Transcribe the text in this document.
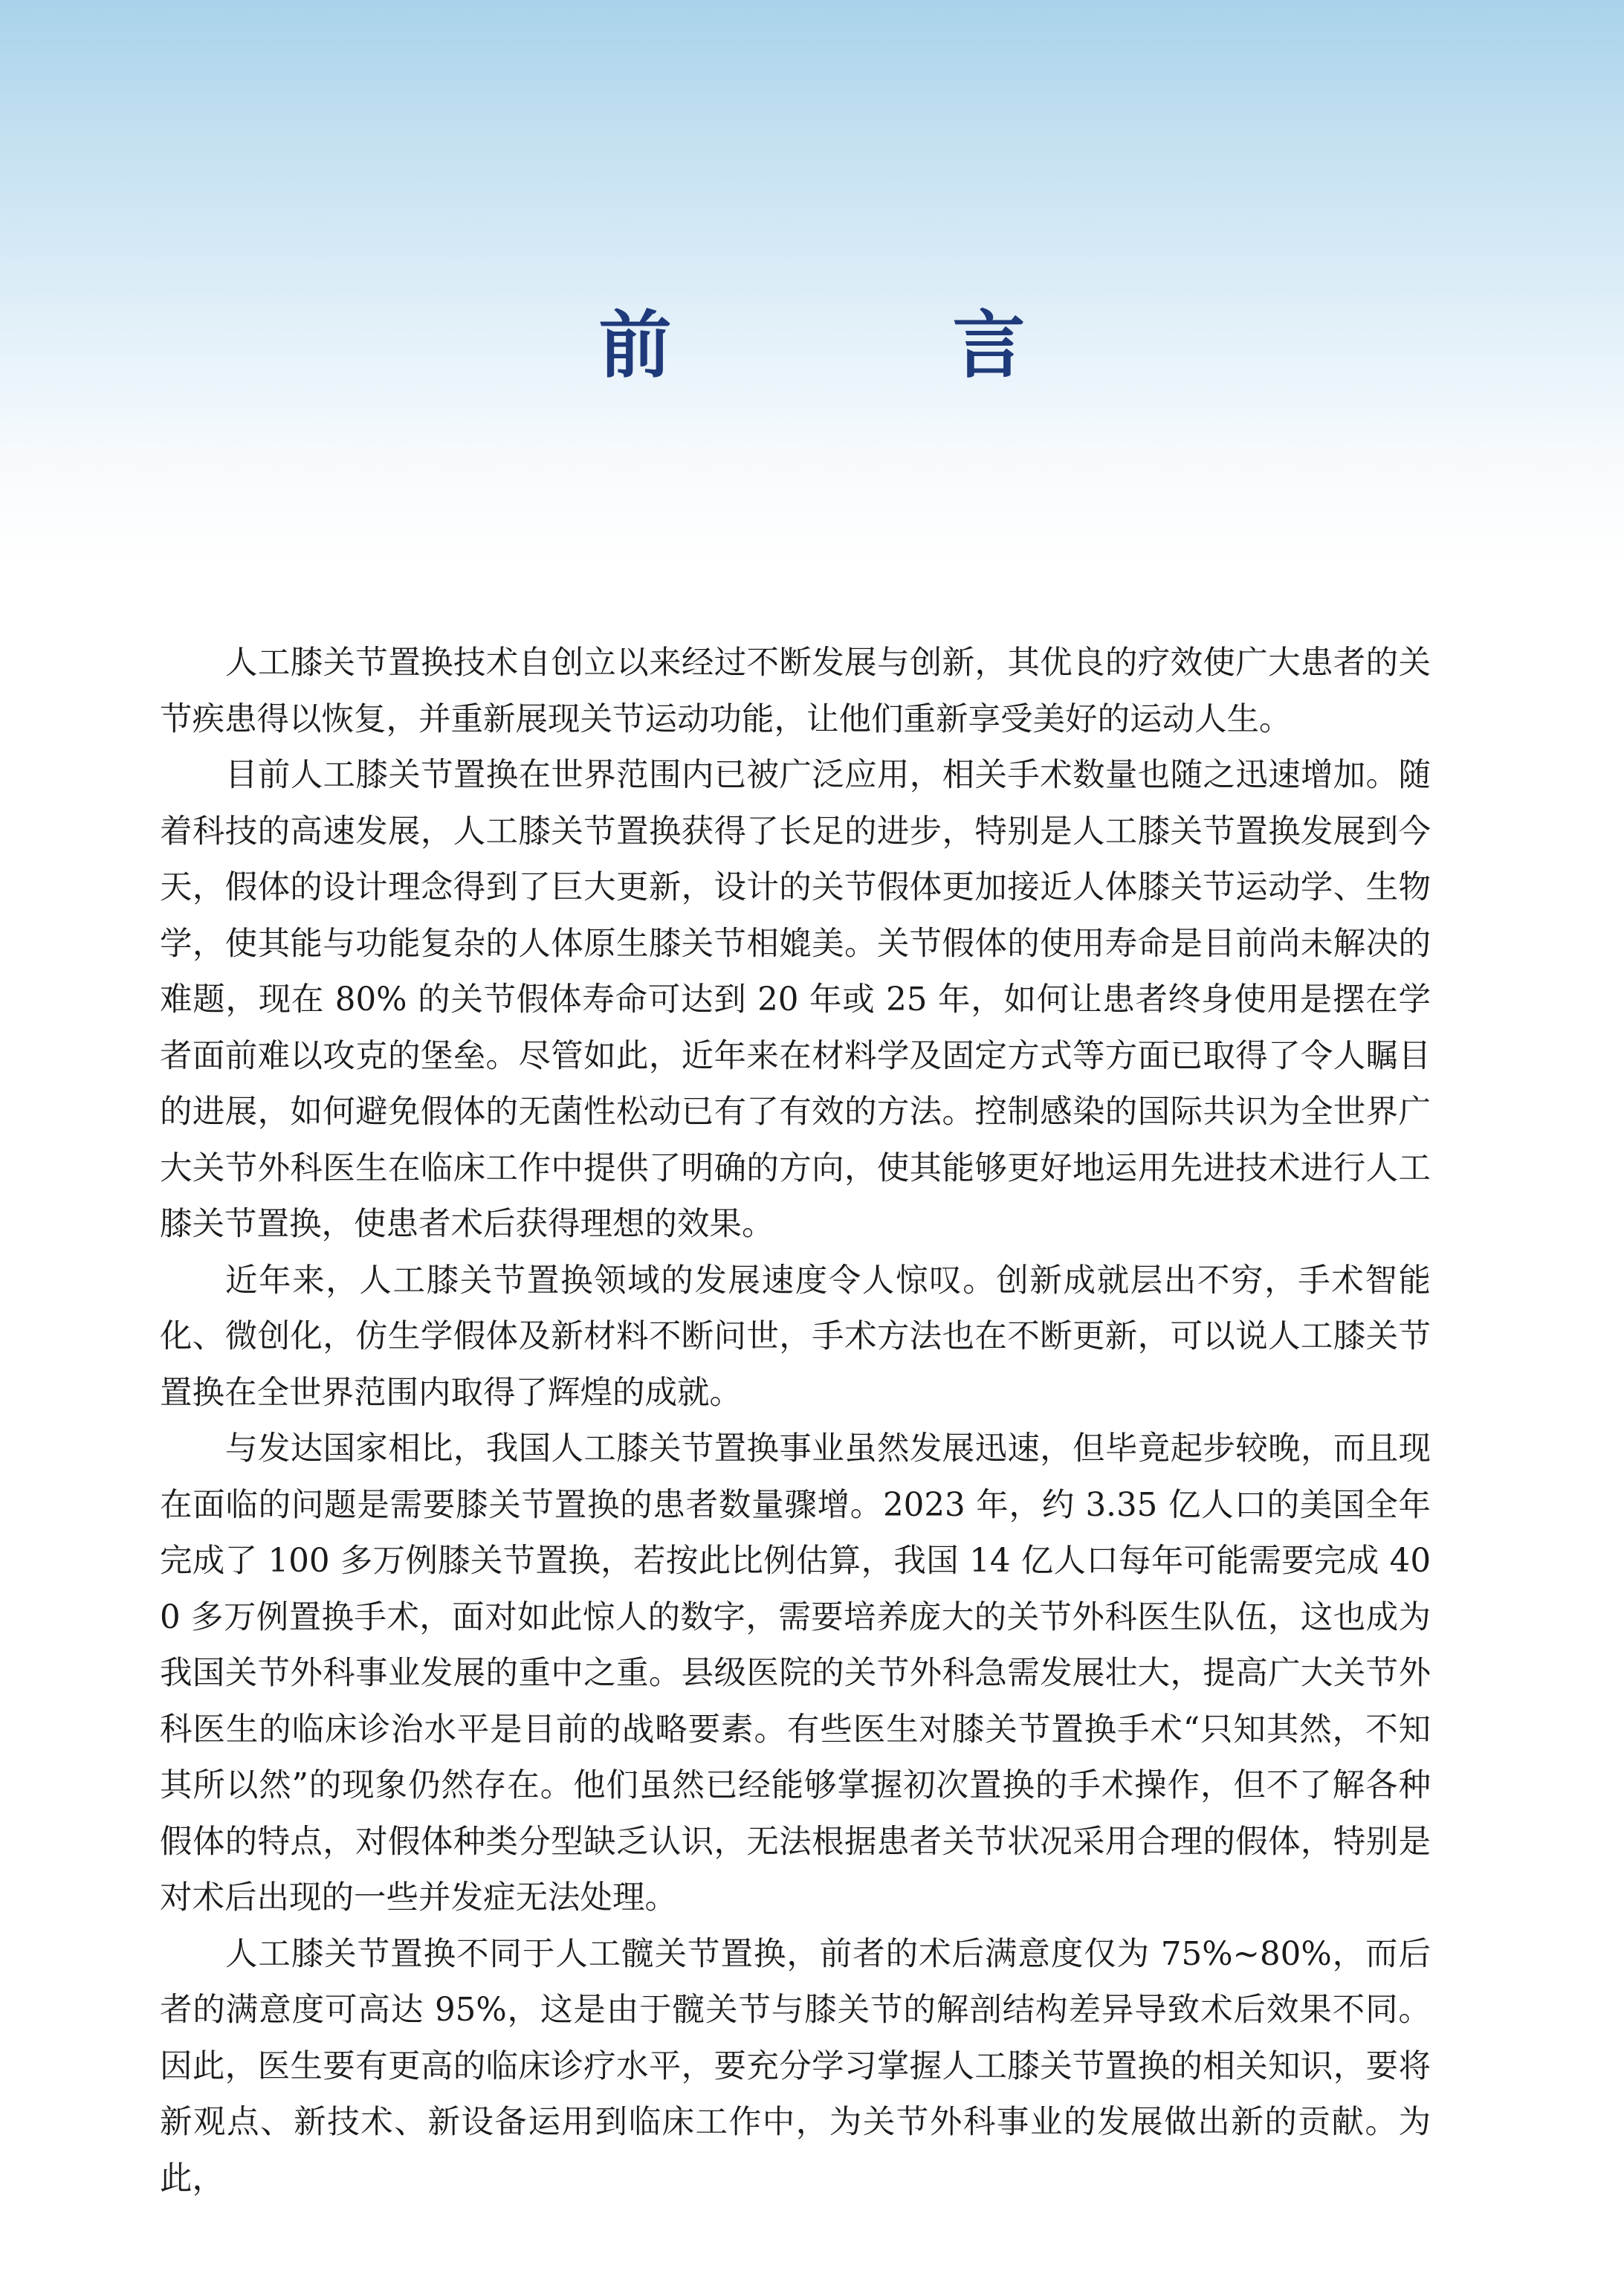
前　言

人工膝关节置换技术自创立以来经过不断发展与创新，其优良的疗效使广大患者的关节疾患得以恢复，并重新展现关节运动功能，让他们重新享受美好的运动人生。

目前人工膝关节置换在世界范围内已被广泛应用，相关手术数量也随之迅速增加。随着科技的高速发展，人工膝关节置换获得了长足的进步，特别是人工膝关节置换发展到今天，假体的设计理念得到了巨大更新，设计的关节假体更加接近人体膝关节运动学、生物学，使其能与功能复杂的人体原生膝关节相媲美。关节假体的使用寿命是目前尚未解决的难题，现在 80% 的关节假体寿命可达到 20 年或 25 年，如何让患者终身使用是摆在学者面前难以攻克的堡垒。尽管如此，近年来在材料学及固定方式等方面已取得了令人瞩目的进展，如何避免假体的无菌性松动已有了有效的方法。控制感染的国际共识为全世界广大关节外科医生在临床工作中提供了明确的方向，使其能够更好地运用先进技术进行人工膝关节置换，使患者术后获得理想的效果。

近年来，人工膝关节置换领域的发展速度令人惊叹。创新成就层出不穷，手术智能化、微创化，仿生学假体及新材料不断问世，手术方法也在不断更新，可以说人工膝关节置换在全世界范围内取得了辉煌的成就。

与发达国家相比，我国人工膝关节置换事业虽然发展迅速，但毕竟起步较晚，而且现在面临的问题是需要膝关节置换的患者数量骤增。2023 年，约 3.35 亿人口的美国全年完成了 100 多万例膝关节置换，若按此比例估算，我国 14 亿人口每年可能需要完成 400 多万例置换手术，面对如此惊人的数字，需要培养庞大的关节外科医生队伍，这也成为我国关节外科事业发展的重中之重。县级医院的关节外科急需发展壮大，提高广大关节外科医生的临床诊治水平是目前的战略要素。有些医生对膝关节置换手术“只知其然，不知其所以然”的现象仍然存在。他们虽然已经能够掌握初次置换的手术操作，但不了解各种假体的特点，对假体种类分型缺乏认识，无法根据患者关节状况采用合理的假体，特别是对术后出现的一些并发症无法处理。

人工膝关节置换不同于人工髋关节置换，前者的术后满意度仅为 75%~80%，而后者的满意度可高达 95%，这是由于髋关节与膝关节的解剖结构差异导致术后效果不同。因此，医生要有更高的临床诊疗水平，要充分学习掌握人工膝关节置换的相关知识，要将新观点、新技术、新设备运用到临床工作中，为关节外科事业的发展做出新的贡献。为此，
